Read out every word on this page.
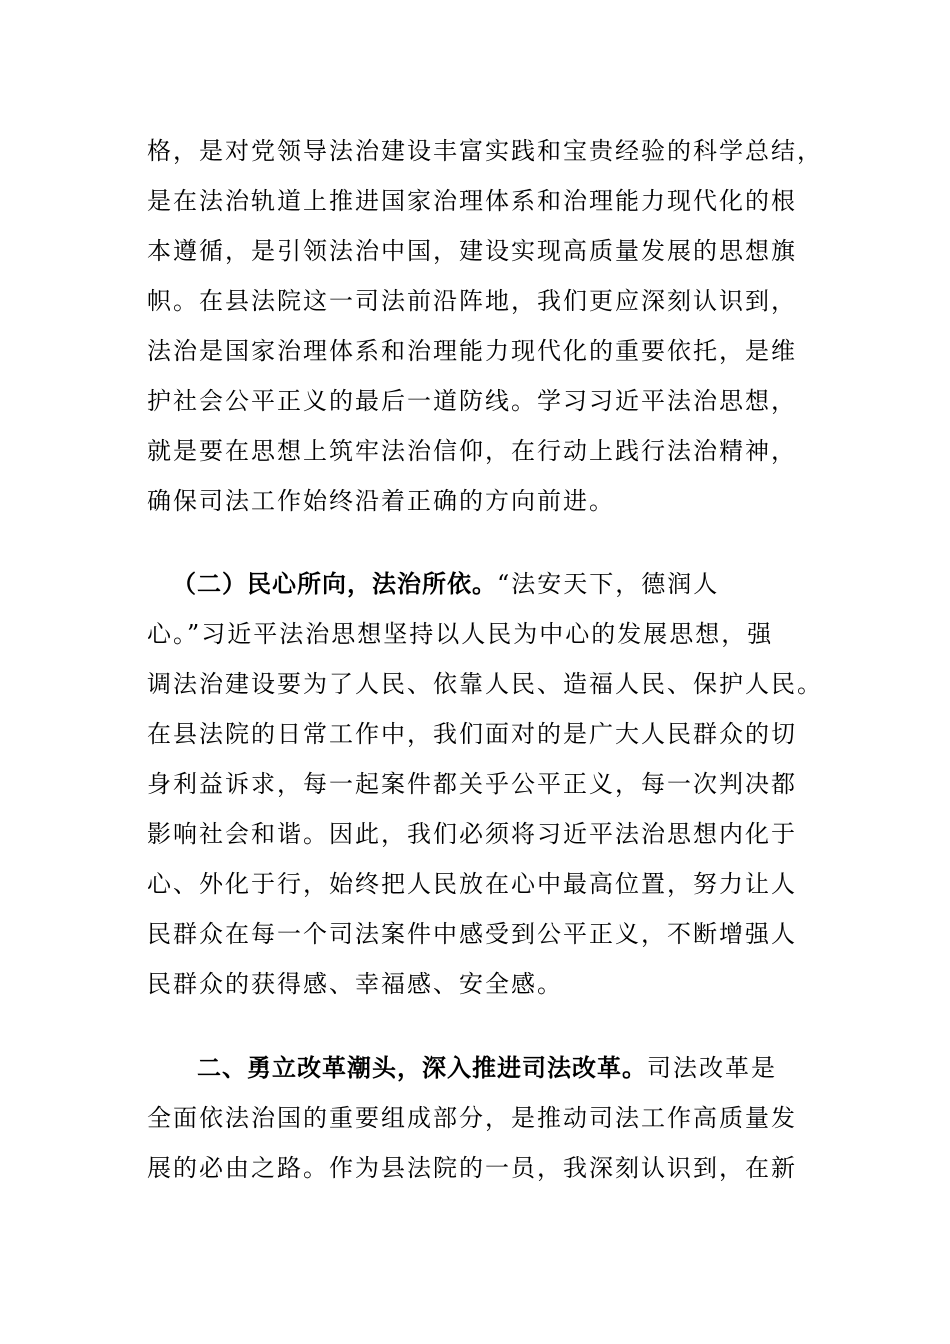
格，是对党领导法治建设丰富实践和宝贵经验的科学总结，
是在法治轨道上推进国家治理体系和治理能力现代化的根
本遵循，是引领法治中国，建设实现高质量发展的思想旗
帜。在县法院这一司法前沿阵地，我们更应深刻认识到，
法治是国家治理体系和治理能力现代化的重要依托，是维
护社会公平正义的最后一道防线。学习习近平法治思想，
就是要在思想上筑牢法治信仰，在行动上践行法治精神，
确保司法工作始终沿着正确的方向前进。
（二）民心所向，法治所依。“法安天下，德润人
心。”习近平法治思想坚持以人民为中心的发展思想，强
调法治建设要为了人民、依靠人民、造福人民、保护人民。
在县法院的日常工作中，我们面对的是广大人民群众的切
身利益诉求，每一起案件都关乎公平正义，每一次判决都
影响社会和谐。因此，我们必须将习近平法治思想内化于
心、外化于行，始终把人民放在心中最高位置，努力让人
民群众在每一个司法案件中感受到公平正义，不断增强人
民群众的获得感、幸福感、安全感。
二、勇立改革潮头，深入推进司法改革。司法改革是
全面依法治国的重要组成部分，是推动司法工作高质量发
展的必由之路。作为县法院的一员，我深刻认识到，在新
